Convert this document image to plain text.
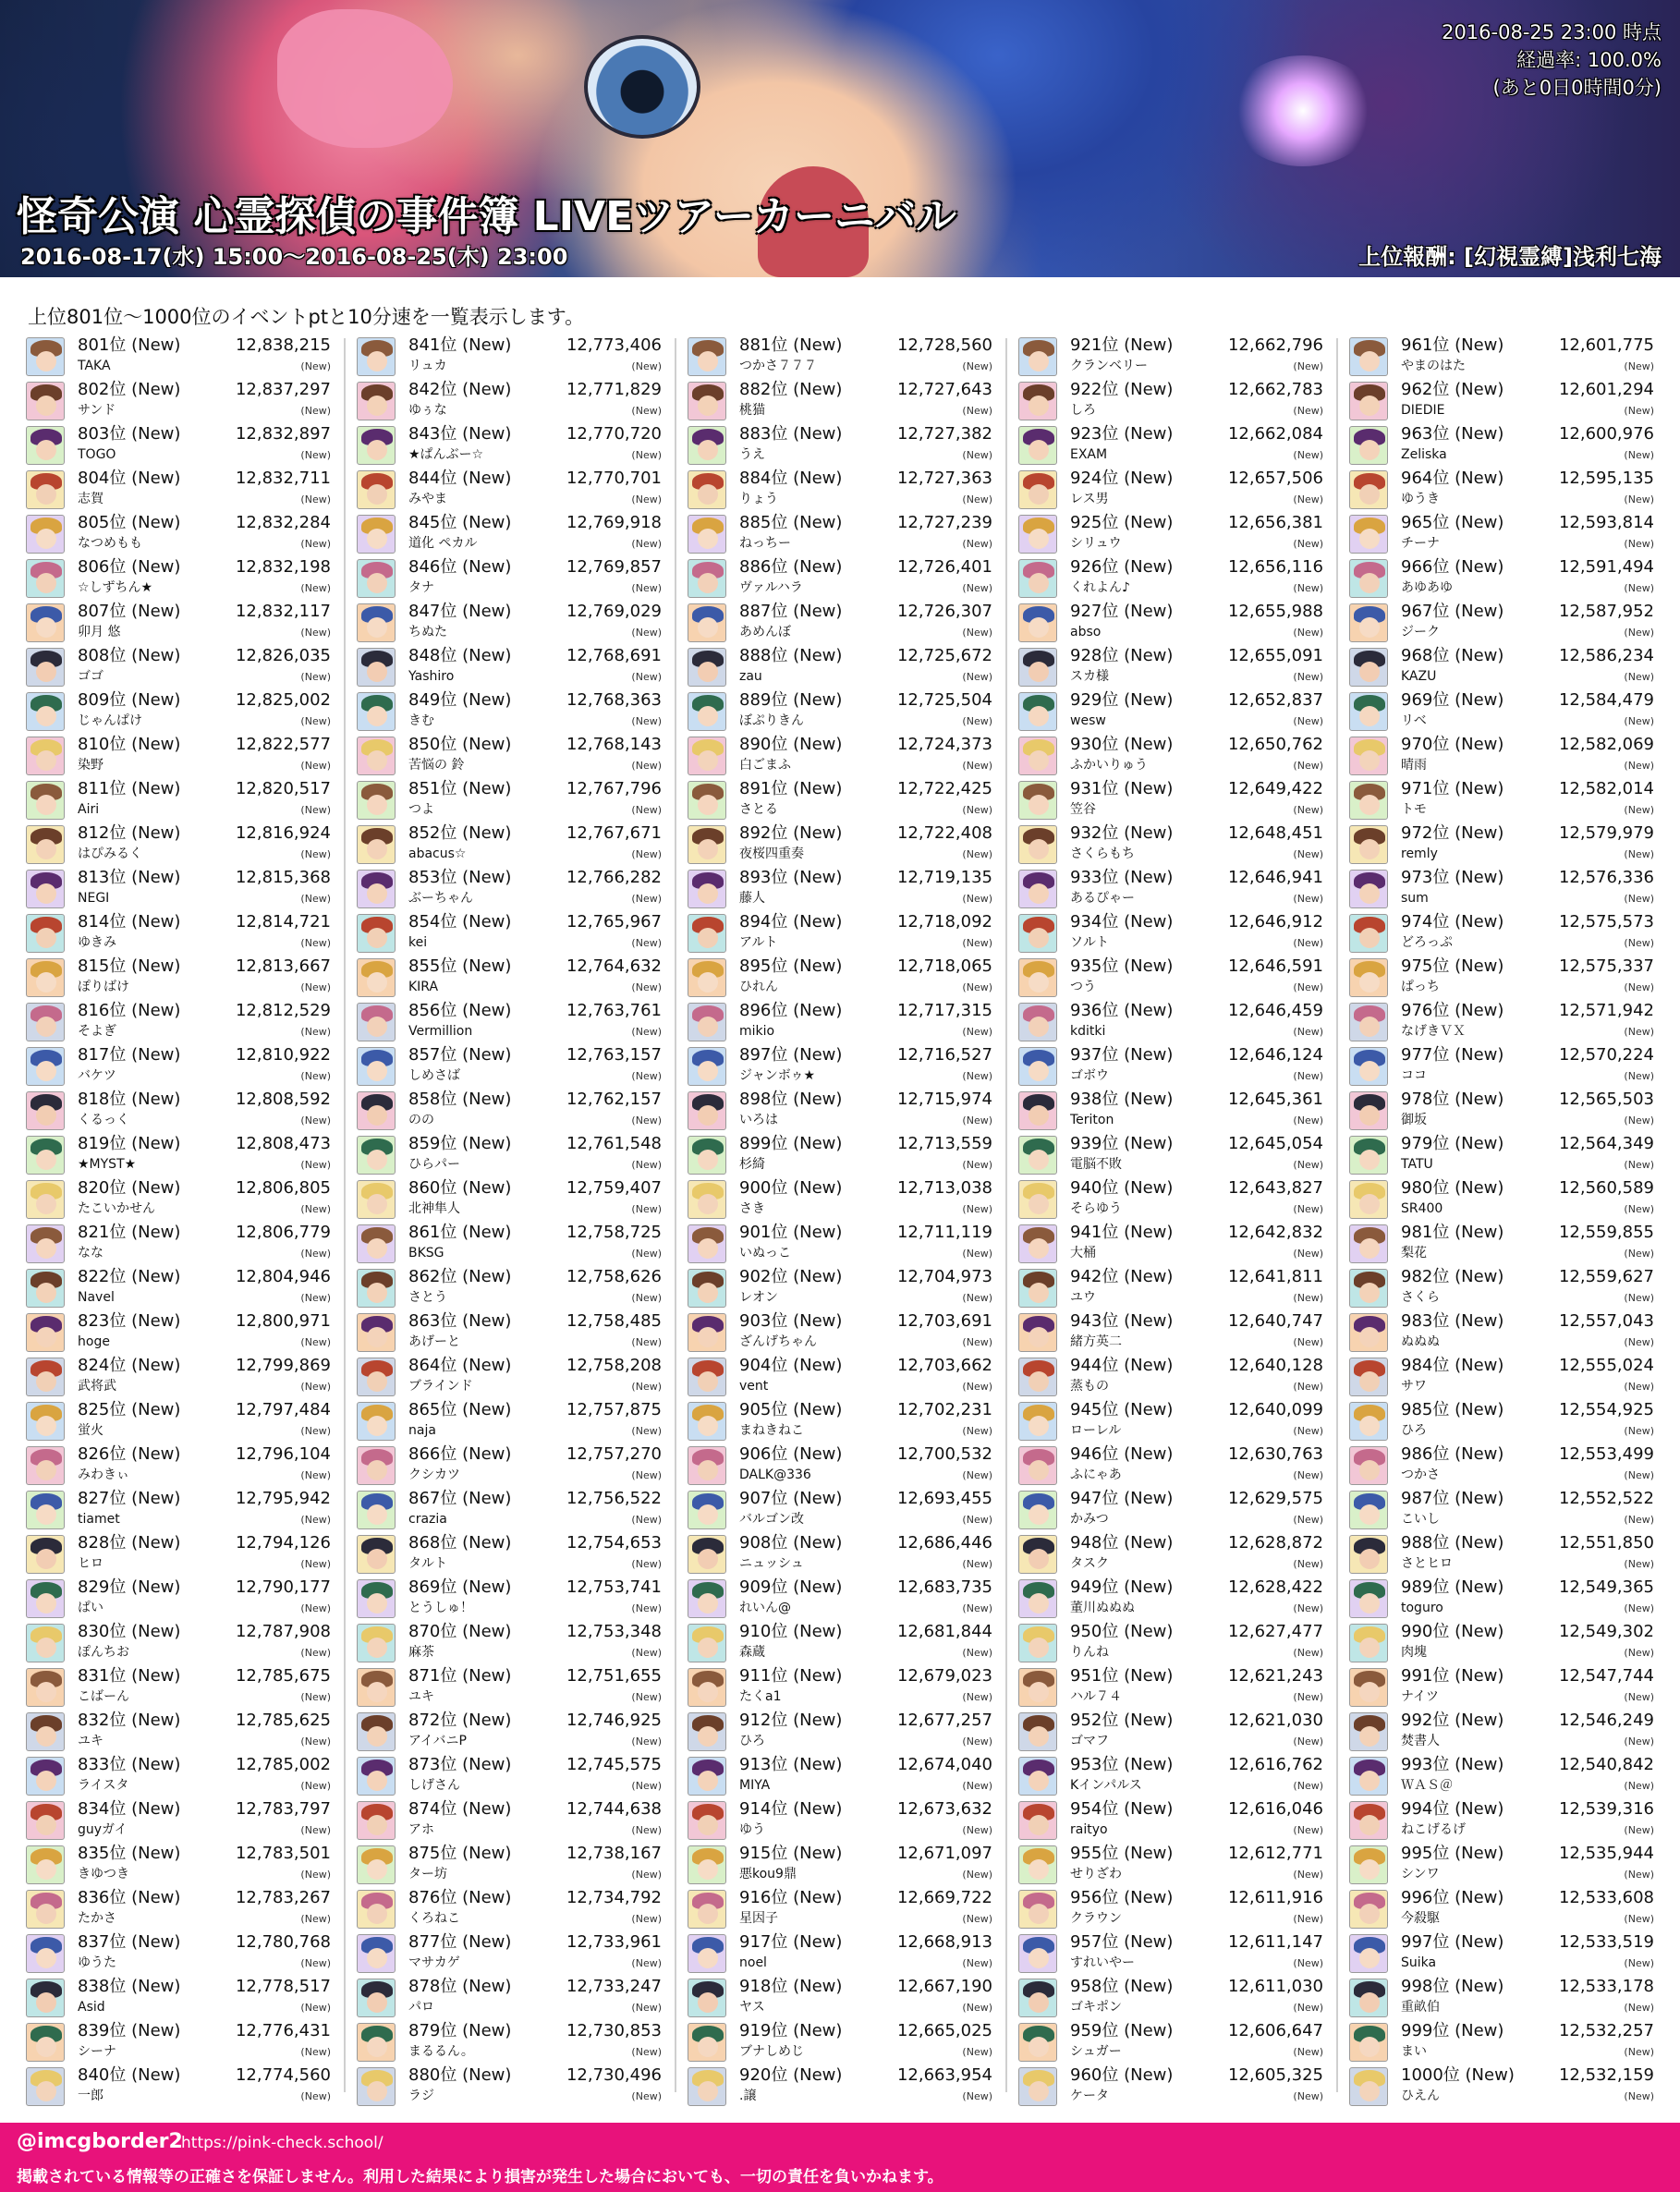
2016-08-25 23:00 時点
経過率: 100.0%
(あと0日0時間0分)
怪奇公演 心霊探偵の事件簿 LIVEツアーカーニバル
2016-08-17(水) 15:00〜2016-08-25(木) 23:00	上位報酬: [幻視霊縛]浅利七海
上位801位〜1000位のイベントptと10分速を一覧表示します。
801位 (New)	12,838,215
TAKA	(New)
802位 (New)	12,837,297
サンド	(New)
803位 (New)	12,832,897
TOGO	(New)
804位 (New)	12,832,711
志賀	(New)
805位 (New)	12,832,284
なつめもも	(New)
806位 (New)	12,832,198
☆しずちん★	(New)
807位 (New)	12,832,117
卯月 悠	(New)
808位 (New)	12,826,035
ゴゴ	(New)
809位 (New)	12,825,002
じゃんぱけ	(New)
810位 (New)	12,822,577
染野	(New)
811位 (New)	12,820,517
Airi	(New)
812位 (New)	12,816,924
はぴみるく	(New)
813位 (New)	12,815,368
NEGI	(New)
814位 (New)	12,814,721
ゆきみ	(New)
815位 (New)	12,813,667
ぽりばけ	(New)
816位 (New)	12,812,529
そよぎ	(New)
817位 (New)	12,810,922
バケツ	(New)
818位 (New)	12,808,592
くるっく	(New)
819位 (New)	12,808,473
★MYST★	(New)
820位 (New)	12,806,805
たこいかせん	(New)
821位 (New)	12,806,779
なな	(New)
822位 (New)	12,804,946
Navel	(New)
823位 (New)	12,800,971
hoge	(New)
824位 (New)	12,799,869
武将武	(New)
825位 (New)	12,797,484
蛍火	(New)
826位 (New)	12,796,104
みわきぃ	(New)
827位 (New)	12,795,942
tiamet	(New)
828位 (New)	12,794,126
ヒロ	(New)
829位 (New)	12,790,177
ぱい	(New)
830位 (New)	12,787,908
ぽんちお	(New)
831位 (New)	12,785,675
こばーん	(New)
832位 (New)	12,785,625
ユキ	(New)
833位 (New)	12,785,002
ライスタ	(New)
834位 (New)	12,783,797
guyガイ	(New)
835位 (New)	12,783,501
きゆつき	(New)
836位 (New)	12,783,267
たかさ	(New)
837位 (New)	12,780,768
ゆうた	(New)
838位 (New)	12,778,517
Asid	(New)
839位 (New)	12,776,431
シーナ	(New)
840位 (New)	12,774,560
一郎	(New)
841位 (New)	12,773,406
リュカ	(New)
842位 (New)	12,771,829
ゆぅな	(New)
843位 (New)	12,770,720
★ぱんぶー☆	(New)
844位 (New)	12,770,701
みやま	(New)
845位 (New)	12,769,918
道化 ペカル	(New)
846位 (New)	12,769,857
タナ	(New)
847位 (New)	12,769,029
ちぬた	(New)
848位 (New)	12,768,691
Yashiro	(New)
849位 (New)	12,768,363
きむ	(New)
850位 (New)	12,768,143
苦悩の 鈴	(New)
851位 (New)	12,767,796
つよ	(New)
852位 (New)	12,767,671
abacus☆	(New)
853位 (New)	12,766,282
ぶーちゃん	(New)
854位 (New)	12,765,967
kei	(New)
855位 (New)	12,764,632
KIRA	(New)
856位 (New)	12,763,761
Vermillion	(New)
857位 (New)	12,763,157
しめさば	(New)
858位 (New)	12,762,157
のの	(New)
859位 (New)	12,761,548
ひらパー	(New)
860位 (New)	12,759,407
北神隼人	(New)
861位 (New)	12,758,725
BKSG	(New)
862位 (New)	12,758,626
さとう	(New)
863位 (New)	12,758,485
あげーと	(New)
864位 (New)	12,758,208
ブラインド	(New)
865位 (New)	12,757,875
naja	(New)
866位 (New)	12,757,270
クシカツ	(New)
867位 (New)	12,756,522
crazia	(New)
868位 (New)	12,754,653
タルト	(New)
869位 (New)	12,753,741
とうしゅ！	(New)
870位 (New)	12,753,348
麻茶	(New)
871位 (New)	12,751,655
ユキ	(New)
872位 (New)	12,746,925
アイバニP	(New)
873位 (New)	12,745,575
しげさん	(New)
874位 (New)	12,744,638
アホ	(New)
875位 (New)	12,738,167
ター坊	(New)
876位 (New)	12,734,792
くろねこ	(New)
877位 (New)	12,733,961
マサカゲ	(New)
878位 (New)	12,733,247
パロ	(New)
879位 (New)	12,730,853
まるるん。	(New)
880位 (New)	12,730,496
ラジ	(New)
881位 (New)	12,728,560
つかさ７７７	(New)
882位 (New)	12,727,643
桃猫	(New)
883位 (New)	12,727,382
うえ	(New)
884位 (New)	12,727,363
りょう	(New)
885位 (New)	12,727,239
ねっちー	(New)
886位 (New)	12,726,401
ヴァルハラ	(New)
887位 (New)	12,726,307
あめんぼ	(New)
888位 (New)	12,725,672
zau	(New)
889位 (New)	12,725,504
ぼぷりきん	(New)
890位 (New)	12,724,373
白ごまふ	(New)
891位 (New)	12,722,425
さとる	(New)
892位 (New)	12,722,408
夜桜四重奏	(New)
893位 (New)	12,719,135
藤人	(New)
894位 (New)	12,718,092
アルト	(New)
895位 (New)	12,718,065
ひれん	(New)
896位 (New)	12,717,315
mikio	(New)
897位 (New)	12,716,527
ジャンボゥ★	(New)
898位 (New)	12,715,974
いろは	(New)
899位 (New)	12,713,559
杉綺	(New)
900位 (New)	12,713,038
さき	(New)
901位 (New)	12,711,119
いぬっこ	(New)
902位 (New)	12,704,973
レオン	(New)
903位 (New)	12,703,691
ざんげちゃん	(New)
904位 (New)	12,703,662
vent	(New)
905位 (New)	12,702,231
まねきねこ	(New)
906位 (New)	12,700,532
DALK@336	(New)
907位 (New)	12,693,455
バルゴン改	(New)
908位 (New)	12,686,446
ニュッシュ	(New)
909位 (New)	12,683,735
れいん@	(New)
910位 (New)	12,681,844
森蔵	(New)
911位 (New)	12,679,023
たくa1	(New)
912位 (New)	12,677,257
ひろ	(New)
913位 (New)	12,674,040
MIYA	(New)
914位 (New)	12,673,632
ゆう	(New)
915位 (New)	12,671,097
悪kou9鼎	(New)
916位 (New)	12,669,722
星因子	(New)
917位 (New)	12,668,913
noel	(New)
918位 (New)	12,667,190
ヤス	(New)
919位 (New)	12,665,025
ブナしめじ	(New)
920位 (New)	12,663,954
.譲	(New)
921位 (New)	12,662,796
クランベリー	(New)
922位 (New)	12,662,783
しろ	(New)
923位 (New)	12,662,084
EXAM	(New)
924位 (New)	12,657,506
レス男	(New)
925位 (New)	12,656,381
シリュウ	(New)
926位 (New)	12,656,116
くれよん♪	(New)
927位 (New)	12,655,988
abso	(New)
928位 (New)	12,655,091
スカ様	(New)
929位 (New)	12,652,837
wesw	(New)
930位 (New)	12,650,762
ふかいりゅう	(New)
931位 (New)	12,649,422
笠谷	(New)
932位 (New)	12,648,451
さくらもち	(New)
933位 (New)	12,646,941
あるぴゃー	(New)
934位 (New)	12,646,912
ソルト	(New)
935位 (New)	12,646,591
つう	(New)
936位 (New)	12,646,459
kditki	(New)
937位 (New)	12,646,124
ゴボウ	(New)
938位 (New)	12,645,361
Teriton	(New)
939位 (New)	12,645,054
電脳不敗	(New)
940位 (New)	12,643,827
そらゆう	(New)
941位 (New)	12,642,832
大桶	(New)
942位 (New)	12,641,811
ユウ	(New)
943位 (New)	12,640,747
緒方英二	(New)
944位 (New)	12,640,128
蒸もの	(New)
945位 (New)	12,640,099
ローレル	(New)
946位 (New)	12,630,763
ふにゃあ	(New)
947位 (New)	12,629,575
かみつ	(New)
948位 (New)	12,628,872
タスク	(New)
949位 (New)	12,628,422
董川ぬぬぬ	(New)
950位 (New)	12,627,477
りんね	(New)
951位 (New)	12,621,243
ハル７４	(New)
952位 (New)	12,621,030
ゴマフ	(New)
953位 (New)	12,616,762
Kインパルス	(New)
954位 (New)	12,616,046
raityo	(New)
955位 (New)	12,612,771
せりざわ	(New)
956位 (New)	12,611,916
クラウン	(New)
957位 (New)	12,611,147
すれいやー	(New)
958位 (New)	12,611,030
ゴキポン	(New)
959位 (New)	12,606,647
シュガー	(New)
960位 (New)	12,605,325
ケータ	(New)
961位 (New)	12,601,775
やまのはた	(New)
962位 (New)	12,601,294
DIEDIE	(New)
963位 (New)	12,600,976
Zeliska	(New)
964位 (New)	12,595,135
ゆうき	(New)
965位 (New)	12,593,814
チーナ	(New)
966位 (New)	12,591,494
あゆあゆ	(New)
967位 (New)	12,587,952
ジーク	(New)
968位 (New)	12,586,234
KAZU	(New)
969位 (New)	12,584,479
リベ	(New)
970位 (New)	12,582,069
晴雨	(New)
971位 (New)	12,582,014
トモ	(New)
972位 (New)	12,579,979
remly	(New)
973位 (New)	12,576,336
sum	(New)
974位 (New)	12,575,573
どろっぷ	(New)
975位 (New)	12,575,337
ぱっち	(New)
976位 (New)	12,571,942
なげきＶＸ	(New)
977位 (New)	12,570,224
ココ	(New)
978位 (New)	12,565,503
御坂	(New)
979位 (New)	12,564,349
TATU	(New)
980位 (New)	12,560,589
SR400	(New)
981位 (New)	12,559,855
梨花	(New)
982位 (New)	12,559,627
さくら	(New)
983位 (New)	12,557,043
ぬぬぬ	(New)
984位 (New)	12,555,024
サワ	(New)
985位 (New)	12,554,925
ひろ	(New)
986位 (New)	12,553,499
つかさ	(New)
987位 (New)	12,552,522
こいし	(New)
988位 (New)	12,551,850
さとヒロ	(New)
989位 (New)	12,549,365
toguro	(New)
990位 (New)	12,549,302
肉塊	(New)
991位 (New)	12,547,744
ナイツ	(New)
992位 (New)	12,546,249
焚書人	(New)
993位 (New)	12,540,842
ＷＡＳ＠	(New)
994位 (New)	12,539,316
ねこげるげ	(New)
995位 (New)	12,535,944
シンワ	(New)
996位 (New)	12,533,608
今殺駆	(New)
997位 (New)	12,533,519
Suika	(New)
998位 (New)	12,533,178
重畝伯	(New)
999位 (New)	12,532,257
まい	(New)
1000位 (New)	12,532,159
ひえん	(New)
@imcgborder2
https://pink-check.school/
掲載されている情報等の正確さを保証しません。利用した結果により損害が発生した場合においても、一切の責任を負いかねます。
